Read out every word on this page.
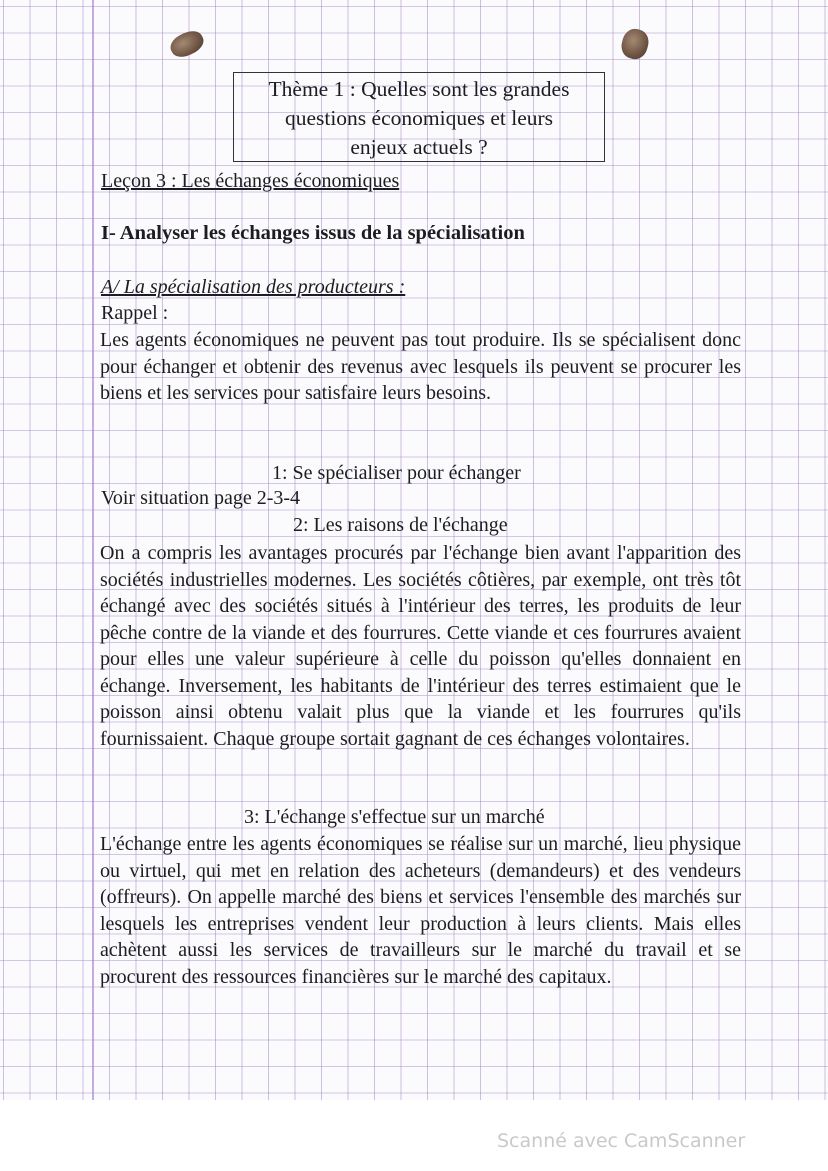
Thème 1 : Quelles sont les grandes
questions économiques et leurs
enjeux actuels ?
Leçon 3 : Les échanges économiques
I- Analyser les échanges issus de la spécialisation
A/ La spécialisation des producteurs :
Rappel :
Les agents économiques ne peuvent pas tout produire. Ils se spécialisent donc pour échanger et obtenir des revenus avec lesquels ils peuvent se procurer les biens et les services pour satisfaire leurs besoins.
1: Se spécialiser pour échanger
Voir situation page 2-3-4
2: Les raisons de l'échange
On a compris les avantages procurés par l'échange bien avant l'apparition des sociétés industrielles modernes. Les sociétés côtières, par exemple, ont très tôt échangé avec des sociétés situés à l'intérieur des terres, les produits de leur pêche contre de la viande et des fourrures. Cette viande et ces fourrures avaient pour elles une valeur supérieure à celle du poisson qu'elles donnaient en échange. Inversement, les habitants de l'intérieur des terres estimaient que le poisson ainsi obtenu valait plus que la viande et les fourrures qu'ils fournissaient. Chaque groupe sortait gagnant de ces échanges volontaires.
3: L'échange s'effectue sur un marché
L'échange entre les agents économiques se réalise sur un marché, lieu physique ou virtuel, qui met en relation des acheteurs (demandeurs) et des vendeurs (offreurs). On appelle marché des biens et services l'ensemble des marchés sur lesquels les entreprises vendent leur production à leurs clients. Mais elles achètent aussi les services de travailleurs sur le marché du travail et se procurent des ressources financières sur le marché des capitaux.
Scanné avec CamScanner
